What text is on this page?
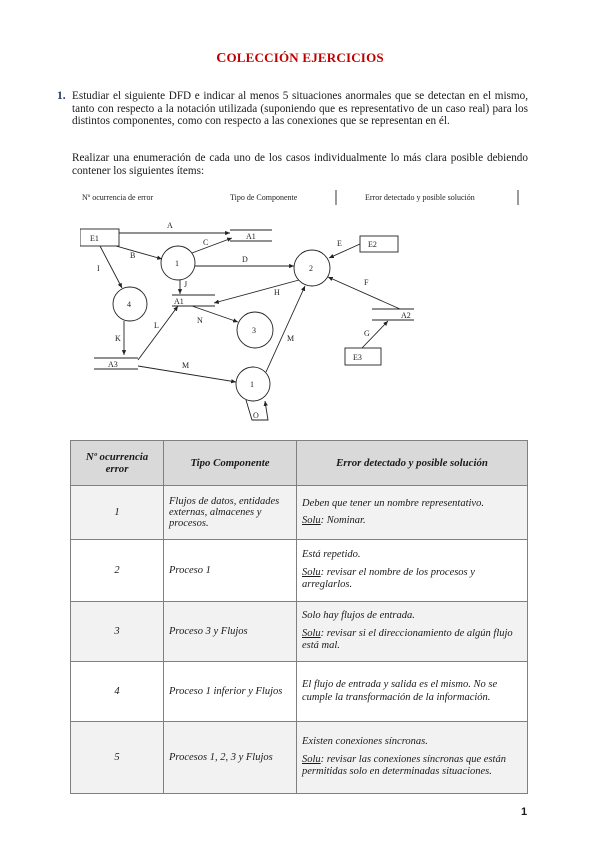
COLECCIÓN EJERCICIOS
1. Estudiar el siguiente DFD e indicar al menos 5 situaciones anormales que se detectan en el mismo, tanto con respecto a la notación utilizada (suponiendo que es representativo de un caso real) para los distintos componentes, como con respecto a las conexiones que se representan en él.
Realizar una enumeración de cada uno de los casos individualmente lo más clara posible debiendo contener los siguientes ítems:
Nº ocurrencia de error	Tipo de Componente	Error detectado y posible solución
E1
E2
E3
A1
A1
A2
A3
1
2
3
4
1
A
B
C
D
E
F
G
H
I
J
K
L
M
M
N
O
Nº ocurrencia error	Tipo Componente	Error detectado y posible solución
1	Flujos de datos, entidades externas, almacenes y procesos.	Deben que tener un nombre representativo.

Solu: Nominar.

2	Proceso 1	Está repetido.

Solu: revisar el nombre de los procesos y arreglarlos.

3	Proceso 3 y Flujos	Solo hay flujos de entrada.

Solu: revisar si el direccionamiento de algún flujo está mal.

4	Proceso 1 inferior y Flujos	El flujo de entrada y salida es el mismo. No se cumple la transformación de la información.

5	Procesos 1, 2, 3 y Flujos	Existen conexiones síncronas.

Solu: revisar las conexiones síncronas que están permitidas solo en determinadas situaciones.

1
